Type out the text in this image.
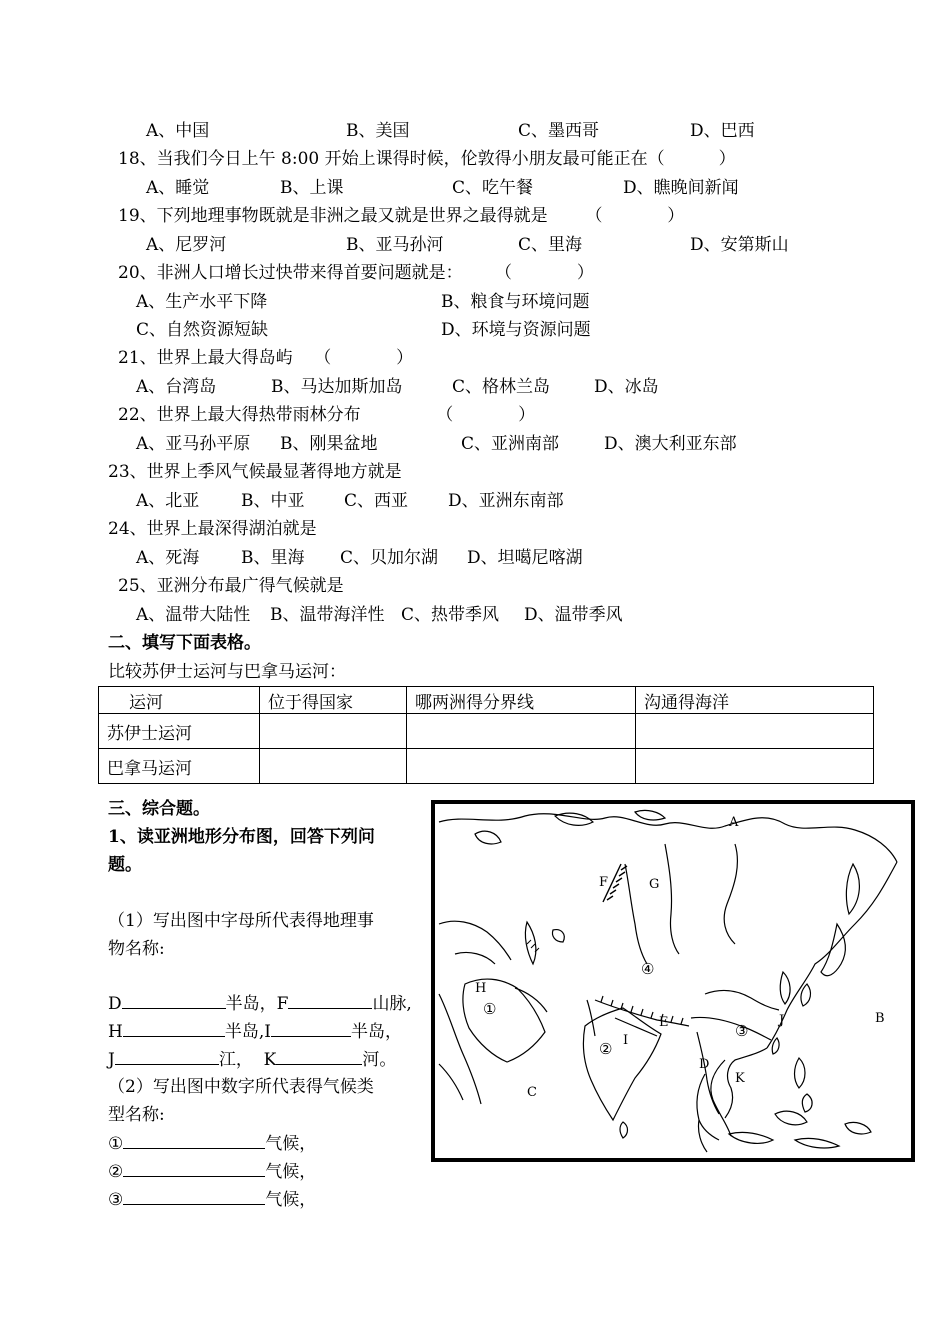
A、中国	B、美国	C、墨西哥	D、巴西
18、当我们今日上午 8:00 开始上课得时候，伦敦得小朋友最可能正在（          ）
A、睡觉	B、上课	C、吃午餐	D、瞧晚间新闻
19、下列地理事物既就是非洲之最又就是世界之最得就是       （            ）
A、尼罗河	B、亚马孙河	C、里海	D、安第斯山
20、非洲人口增长过快带来得首要问题就是：      （            ）
A、生产水平下降	B、粮食与环境问题
C、自然资源短缺	D、环境与资源问题
21、世界上最大得岛屿    （            ）
A、台湾岛	B、马达加斯加岛	C、格林兰岛	D、冰岛
22、世界上最大得热带雨林分布              （            ）
A、亚马孙平原 B、刚果盆地	C、亚洲南部	D、澳大利亚东部
23、世界上季风气候最显著得地方就是
A、北亚 B、中亚 C、西亚 D、亚洲东南部
24、世界上最深得湖泊就是
A、死海 B、里海 C、贝加尔湖 D、坦噶尼喀湖
25、亚洲分布最广得气候就是
A、温带大陆性 B、温带海洋性 C、热带季风 D、温带季风
二、填写下面表格。
比较苏伊士运河与巴拿马运河：
运河	位于得国家	哪两洲得分界线	沟通得海洋
苏伊士运河			
巴拿马运河			
三、综合题。
1、读亚洲地形分布图，回答下列问
题。
（1）写出图中字母所代表得地理事
物名称:
D	半岛，F	山脉,
H	半岛,I	半岛，
J	江，  K	河。
（2）写出图中数字所代表得气候类
型名称:
①	气候，
②	气候，
③	气候，
A
B
C
D
E
F	G
H
I
J
K
①
②
③
④
